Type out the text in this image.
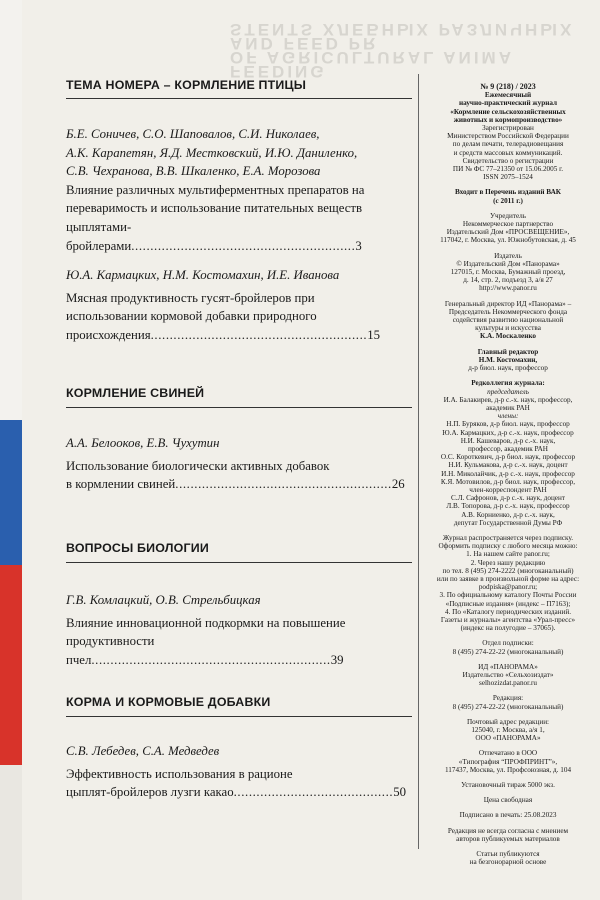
FEEDING
OF AGRICULTURAL ANIMA
AND FEED PR
STENTS ХЛЕБНЫХ РАЗЛИЧНЫХ
ТЕМА НОМЕРА – КОРМЛЕНИЕ ПТИЦЫ
Б.Е. Соничев, С.О. Шаповалов, С.И. Николаев,
А.К. Карапетян, Я.Д. Местковский, И.Ю. Даниленко,
С.В. Чехранова, В.В. Шкаленко, Е.А. Морозова
Влияние различных мультиферментных препаратов на
переваримость и использование питательных веществ
цыплятами-бройлерами...........................................................3
Ю.А. Кармацких, Н.М. Костомахин, И.Е. Иванова
Мясная продуктивность гусят-бройлеров при
использовании кормовой добавки природного
происхождения.........................................................15
КОРМЛЕНИЕ СВИНЕЙ
А.А. Белооков, Е.В. Чухутин
Использование биологически активных добавок
в кормлении свиней.........................................................26
ВОПРОСЫ БИОЛОГИИ
Г.В. Комлацкий, О.В. Стрельбицкая
Влияние инновационной подкормки на повышение
продуктивности пчел...............................................................39
КОРМА И КОРМОВЫЕ ДОБАВКИ
С.В. Лебедев, С.А. Медведев
Эффективность использования в рационе
цыплят-бройлеров лузги какао..........................................50

№ 9 (218) / 2023

Ежемесячный

научно-практический журнал

«Кормление сельскохозяйственных

животных и кормопроизводство»

Зарегистрирован

Министерством Российской Федерации

по делам печати, телерадиовещания

и средств массовых коммуникаций.

Свидетельство о регистрации

ПИ № ФС 77–21350 от 15.06.2005 г.

ISSN 2075–1524

Входит в Перечень изданий ВАК

(с 2011 г.)

Учредитель

Некоммерческое партнерство

Издательский Дом «ПРОСВЕЩЕНИЕ»,

117042, г. Москва, ул. Южнобутовская, д. 45

Издатель

© Издательский Дом «Панорама»

127015, г. Москва, Бумажный проезд,

д. 14, стр. 2, подъезд 3, а/я 27

http://www.panor.ru

Генеральный директор ИД «Панорама» –

Председатель Некоммерческого фонда

содействия развитию национальной

культуры и искусства

К.А. Москаленко

Главный редактор

Н.М. Костомахин,

д-р биол. наук, профессор

Редколлегия журнала:

председатель

И.А. Балакирев, д-р с.-х. наук, профессор,

академик РАН

члены:

Н.П. Буряков, д-р биол. наук, профессор

Ю.А. Кармацких, д-р с.-х. наук, профессор

Н.И. Кашеваров, д-р с.-х. наук,

профессор, академик РАН

О.С. Короткевич, д-р биол. наук, профессор

Н.И. Кульмакова, д-р с.-х. наук, доцент

И.Н. Миколайчик, д-р с.-х. наук, профессор

К.Я. Мотовилов, д-р биол. наук, профессор,

член-корреспондент РАН

С.Л. Сафронов, д-р с.-х. наук, доцент

Л.В. Топорова, д-р с.-х. наук, профессор

А.В. Корниенко, д-р с.-х. наук,

депутат Государственной Думы РФ

Журнал распространяется через подписку.

Оформить подписку с любого месяца можно:

1. На нашем сайте panor.ru;

2. Через нашу редакцию

по тел. 8 (495) 274-2222 (многоканальный)

или по заявке в произвольной форме на адрес:

podpiska@panor.ru;

3. По официальному каталогу Почты России

«Подписные издания» (индекс – П7163);

4. По «Каталогу периодических изданий.

Газеты и журналы» агентства «Урал-пресс»

(индекс на полугодие – 37065).

Отдел подписки:

8 (495) 274-22-22 (многоканальный)

ИД «ПАНОРАМА»

Издательство «Сельхозиздат»

selhozizdat.panor.ru

Редакция:

8 (495) 274-22-22 (многоканальный)

Почтовый адрес редакции:

125040, г. Москва, а/я 1,

ООО «ПАНОРАМА»

Отпечатано в ООО

«Типография “ПРОФПРИНТ”»,

117437, Москва, ул. Профсоюзная, д. 104

Установочный тираж 5000 экз.

Цена свободная

Подписано в печать: 25.08.2023

Редакция не всегда согласна с мнением

авторов публикуемых материалов

Статьи публикуются

на безгонорарной основе
